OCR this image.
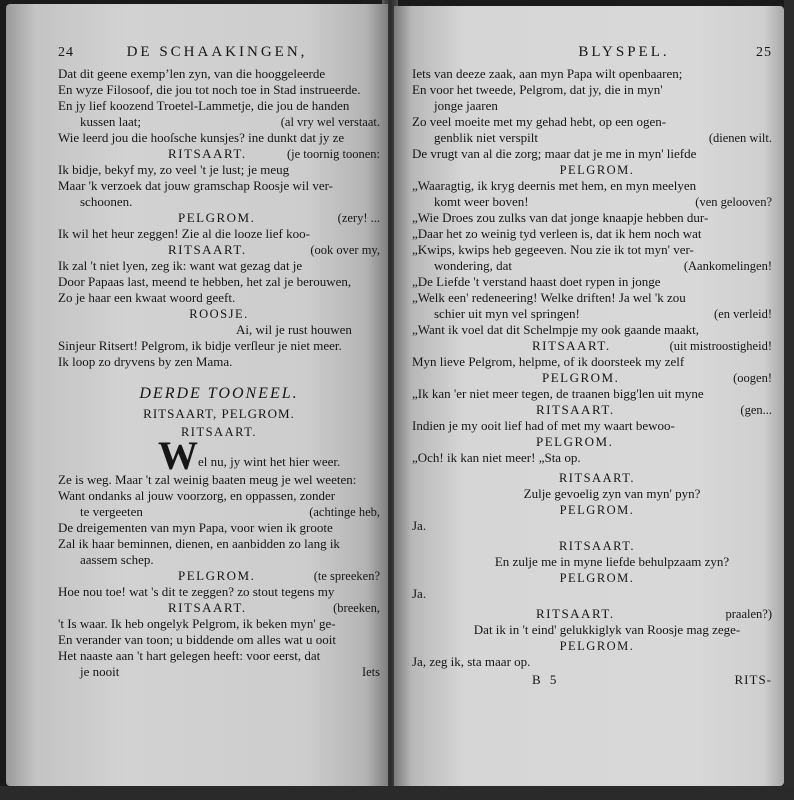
24	DE SCHAAKINGEN,
Dat dit geene exempʼlen zyn, van die hooggeleerde
En wyze Filosoof, die jou tot noch toe in Stad instrueerde.
En jy lief koozend Troetel-Lammetje, die jou de handen
kussen laat;	(al vry wel verstaat.
Wie leerd jou die hooſsche kunsjes? ine dunkt dat jy ze
RITSAART.	(je toornig toonen:
Ik bidje, bekyf my, zo veel 't je lust; je meug
Maar 'k verzoek dat jouw gramschap Roosje wil ver-
schoonen.
PELGROM.	(zery! ...
Ik wil het heur zeggen! Zie al die looze lief koo-
RITSAART.	(ook over my,
Ik zal 't niet lyen, zeg ik: want wat gezag dat je
Door Papaas last, meend te hebben, het zal je berouwen,
Zo je haar een kwaat woord geeft.
ROOSJE.
Ai, wil je rust houwen
Sinjeur Ritsert! Pelgrom, ik bidje verſleur je niet meer.
Ik loop zo dryvens by zen Mama.
DERDE TOONEEL.
RITSAART, PELGROM.
RITSAART.
W el nu, jy wint het hier weer.
Ze is weg. Maar 't zal weinig baaten meug je wel weeten:
Want ondanks al jouw voorzorg, en oppassen, zonder
te vergeeten	(achtinge heb,
De dreigementen van myn Papa, voor wien ik groote
Zal ik haar beminnen, dienen, en aanbidden zo lang ik
aassem schep.
PELGROM.	(te spreeken?
Hoe nou toe! wat 's dit te zeggen? zo stout tegens my
RITSAART.	(breeken,
't Is waar. Ik heb ongelyk Pelgrom, ik beken myn' ge-
En verander van toon; u biddende om alles wat u ooit
Het naaste aan 't hart gelegen heeft: voor eerst, dat
je nooit	Iets
BLYSPEL.	25
Iets van deeze zaak, aan myn Papa wilt openbaaren;
En voor het tweede, Pelgrom, dat jy, die in myn'
jonge jaaren
Zo veel moeite met my gehad hebt, op een ogen-
genblik niet verspilt	(dienen wilt.
De vrugt van al die zorg; maar dat je me in myn' liefde
PELGROM.
„Waaragtig, ik kryg deernis met hem, en myn meelyen
komt weer boven!	(ven gelooven?
„Wie Droes zou zulks van dat jonge knaapje hebben dur-
„Daar het zo weinig tyd verleen is, dat ik hem noch wat
„Kwips, kwips heb gegeeven. Nou zie ik tot myn' ver-
wondering, dat	(Aankomelingen!
„De Liefde 't verstand haast doet rypen in jonge
„Welk een' redeneering! Welke driften! Ja wel 'k zou
schier uit myn vel springen!	(en verleid!
„Want ik voel dat dit Schelmpje my ook gaande maakt,
RITSAART.	(uit mistroostigheid!
Myn lieve Pelgrom, helpme, of ik doorsteek my zelf
PELGROM.	(oogen!
„Ik kan 'er niet meer tegen, de traanen bigg'len uit myne
RITSAART.	(gen...
Indien je my ooit lief had of met my waart bewoo-
PELGROM.
„Och! ik kan niet meer! „Sta op.
RITSAART.
Zulje gevoelig zyn van myn' pyn?
PELGROM.
Ja.
RITSAART.
En zulje me in myne liefde behulpzaam zyn?
PELGROM.
Ja.
RITSAART.	praalen?)
Dat ik in 't eind' gelukkiglyk van Roosje mag zege-
PELGROM.
Ja, zeg ik, sta maar op.
B 5	RITS-
